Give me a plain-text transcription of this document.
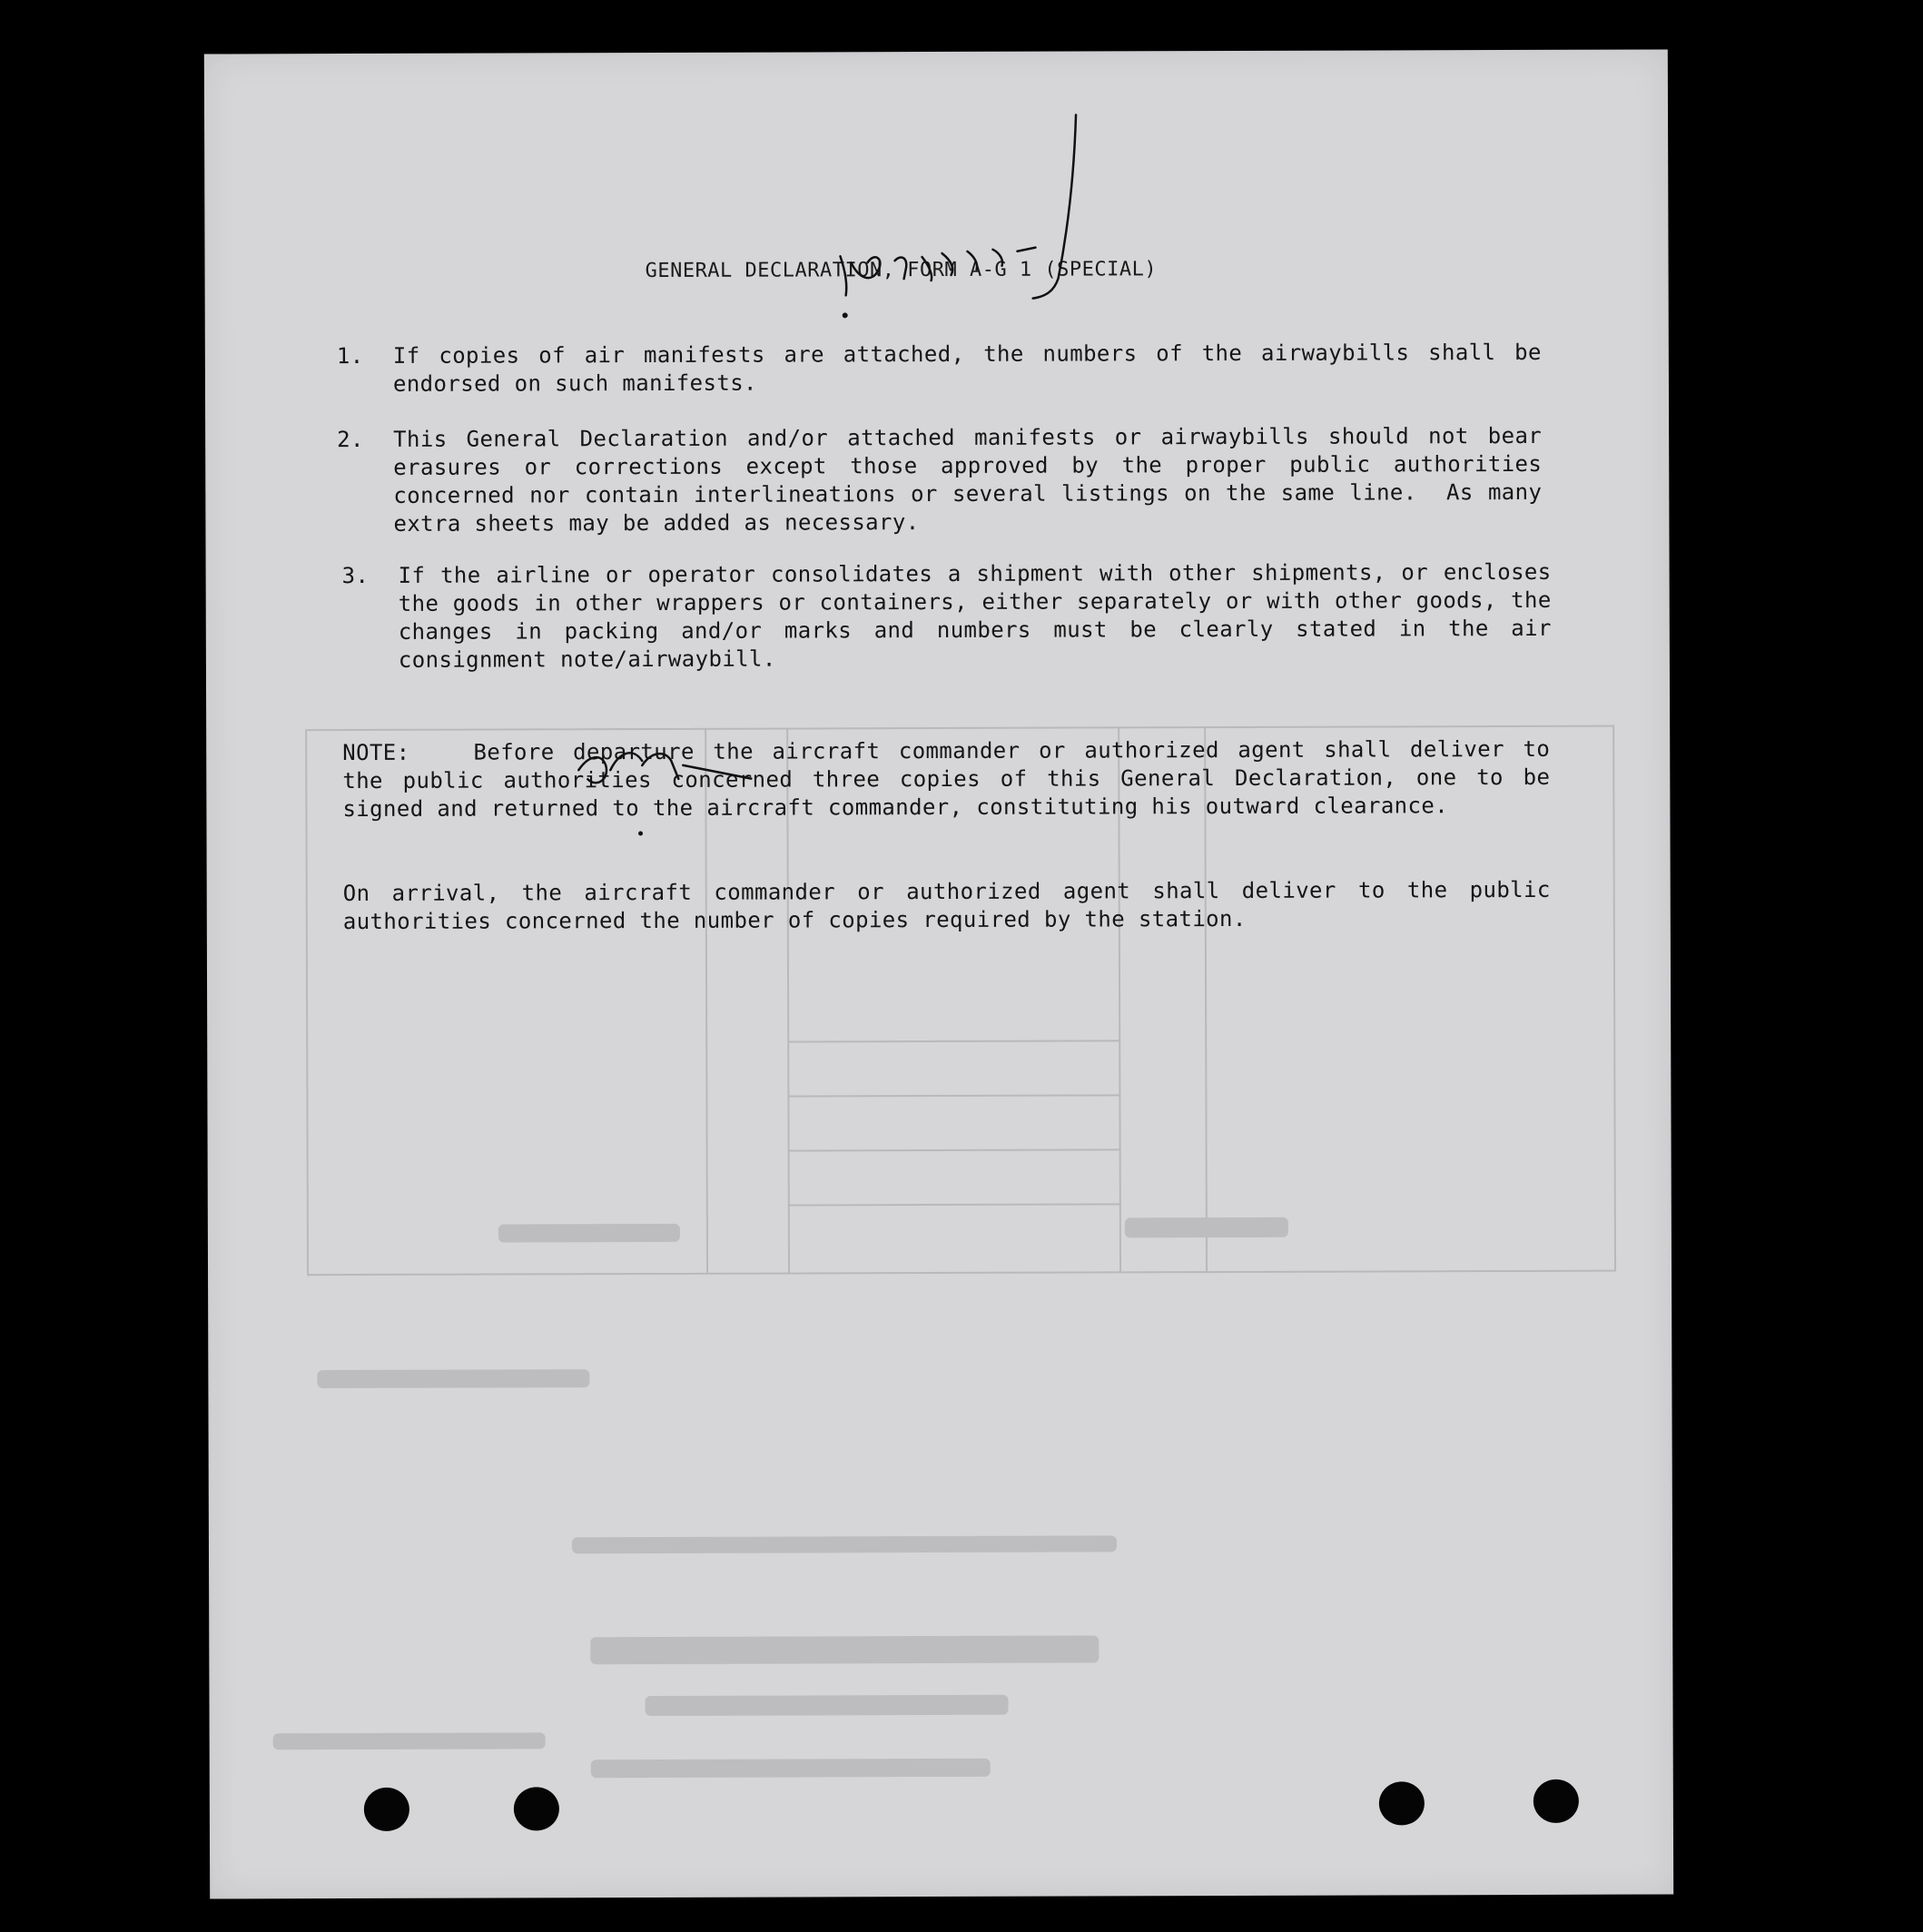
GENERAL DECLARATION, FORM A-G 1 (SPECIAL)
1. If copies of air manifests are attached, the numbers of the airwaybills shall be endorsed on such manifests.
2. This General Declaration and/or attached manifests or airwaybills should not bear erasures or corrections except those approved by the proper public authorities concerned nor contain interlineations or several listings on the same line.  As many extra sheets may be added as necessary.
3. If the airline or operator consolidates a shipment with other shipments, or encloses the goods in other wrappers or containers, either separately or with other goods, the changes in packing and/or marks and numbers must be clearly stated in the air consignment note/airwaybill.
NOTE:	Before departure the aircraft commander or authorized agent shall deliver to the public authorities concerned three copies of this General Declaration, one to be signed and returned to the aircraft commander, constituting his outward clearance.
On arrival, the aircraft commander or authorized agent shall deliver to the public authorities concerned the number of copies required by the station.
